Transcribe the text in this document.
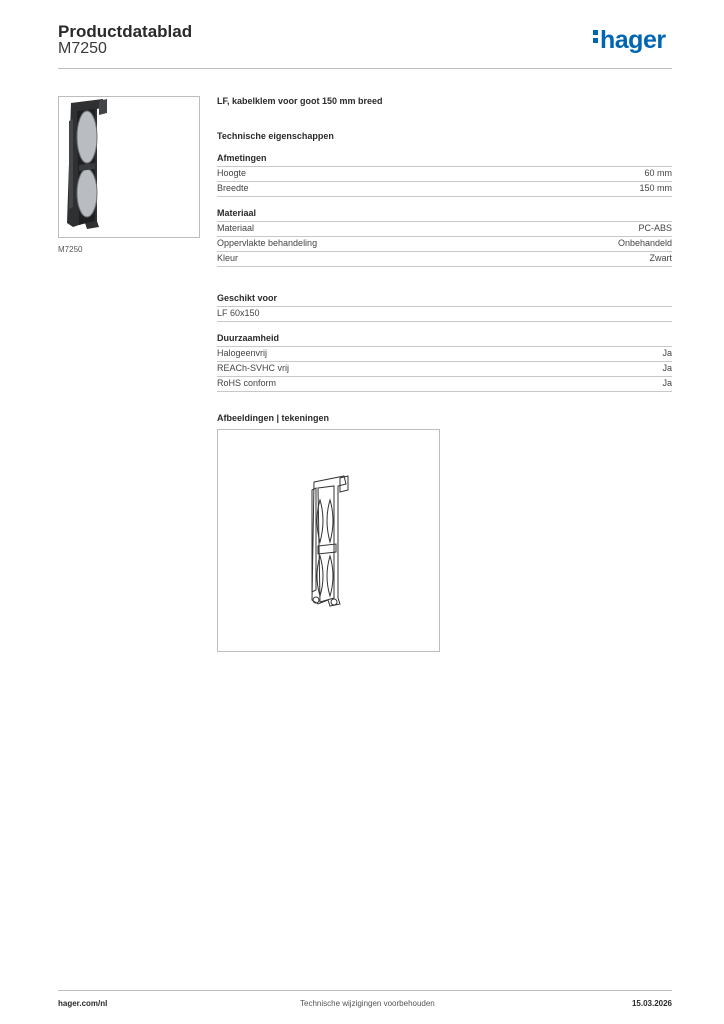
Productdatablad
M7250	hager
M7250

LF, kabelklem voor goot 150 mm breed

Technische eigenschappen

Afmetingen
Hoogte	60 mm
Breedte	150 mm
Materiaal
Materiaal	PC-ABS
Oppervlakte behandeling	Onbehandeld
Kleur	Zwart
Geschikt voor
LF 60x150
Duurzaamheid
Halogeenvrij	Ja
REACh-SVHC vrij	Ja
RoHS conform	Ja

Afbeeldingen | tekeningen

hager.com/nl	Technische wijzigingen voorbehouden	15.03.2026
